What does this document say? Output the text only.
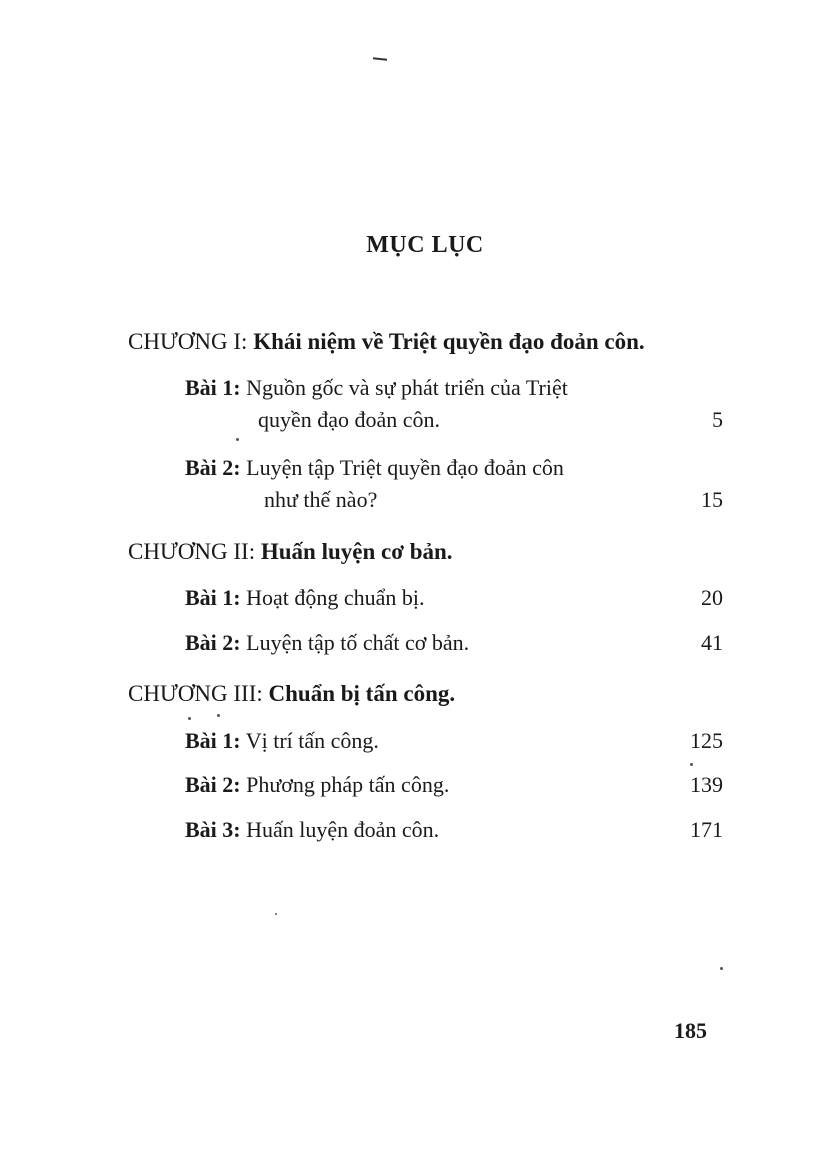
MỤC LỤC
CHƯƠNG I: Khái niệm về Triệt quyền đạo đoản côn.
Bài 1: Nguồn gốc và sự phát triển của Triệt
quyền đạo đoản côn.	5
Bài 2: Luyện tập Triệt quyền đạo đoản côn
như thế nào?	15
CHƯƠNG II: Huấn luyện cơ bản.
Bài 1: Hoạt động chuẩn bị.	20
Bài 2: Luyện tập tố chất cơ bản.	41
CHƯƠNG III: Chuẩn bị tấn công.
Bài 1: Vị trí tấn công.	125
Bài 2: Phương pháp tấn công.	139
Bài 3: Huấn luyện đoản côn.	171
185
